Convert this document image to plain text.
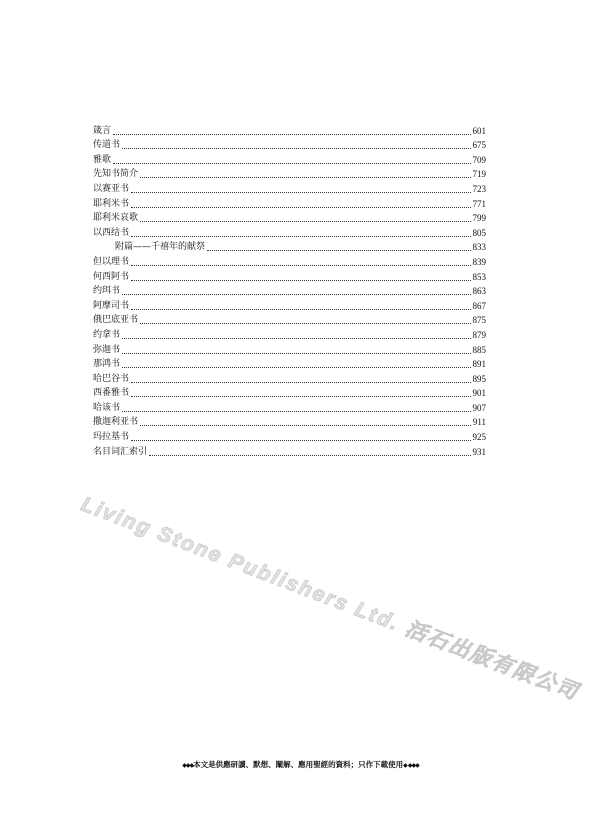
箴言	601
传道书	675
雅歌	709
先知书简介	719
以赛亚书	723
耶利米书	771
耶利米哀歌	799
以西结书	805
附篇——千禧年的献祭	833
但以理书	839
何西阿书	853
约珥书	863
阿摩司书	867
俄巴底亚书	875
约拿书	879
弥迦书	885
那鸿书	891
哈巴谷书	895
西番雅书	901
哈该书	907
撒迦利亚书	911
玛拉基书	925
名目词汇索引	931
Living Stone Publishers Ltd. 活石出版有限公司
◆◆◆本文是供應研讀、默想、闡解、應用聖經的資料；只作下載使用◆ ◆◆◆
